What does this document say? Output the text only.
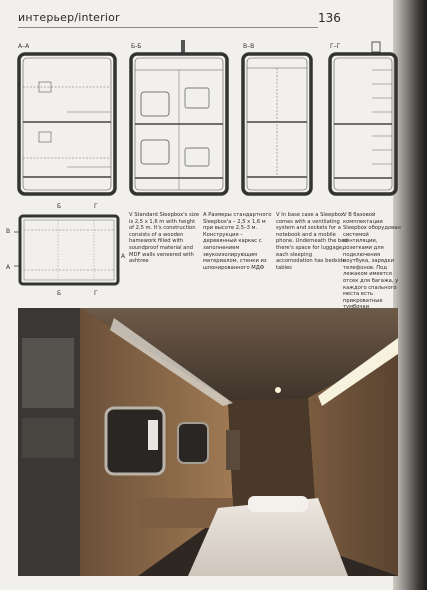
интерьер/interior	136
А–А	Б-Б	В–В	Г–Г
Б	Г
В
А
А
Б	Г
V Standard Sleepbox's size is 2,5 x 1,6 m with height of 2,5 m. It's construction consists of a wooden hamework filled with soundproof material and MDF walls veneered with ashtree
A Размеры стандартного Sleepbox'a – 2,5 x 1,6 м при высоте 2,5–3 м. Конструкция – деревянный каркас с заполнением звукоизолирующим материалом, стенки из шпонированного МДФ
V In base case a Sleepbox comes with a ventilating system and sockets for a notebook and a mobile phone. Underneath the bed there's space for luggage, each sleeping accomodation has bedside tables
V В базовой комплектации Sleepbox оборудован системой вентиляции, розетками для подключения ноутбука, зарядки телефонов. Под лежаком имеется отсек для багажа, у каждого спального места есть прикроватные
